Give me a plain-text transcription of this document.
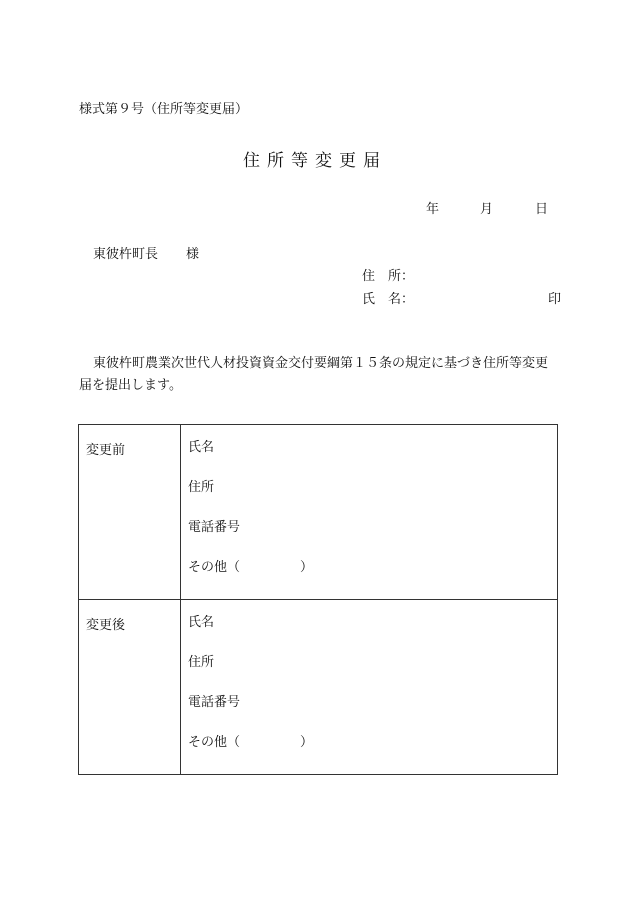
様式第９号（住所等変更届）
住所等変更届
年	月	日
東彼杵町長 様
住　所：
氏　名：	印
東彼杵町農業次世代人材投資資金交付要綱第１５条の規定に基づき住所等変更届を提出します。
変更前	氏名
住所
電話番号
その他（ ）

変更後	氏名
住所
電話番号
その他（ ）
